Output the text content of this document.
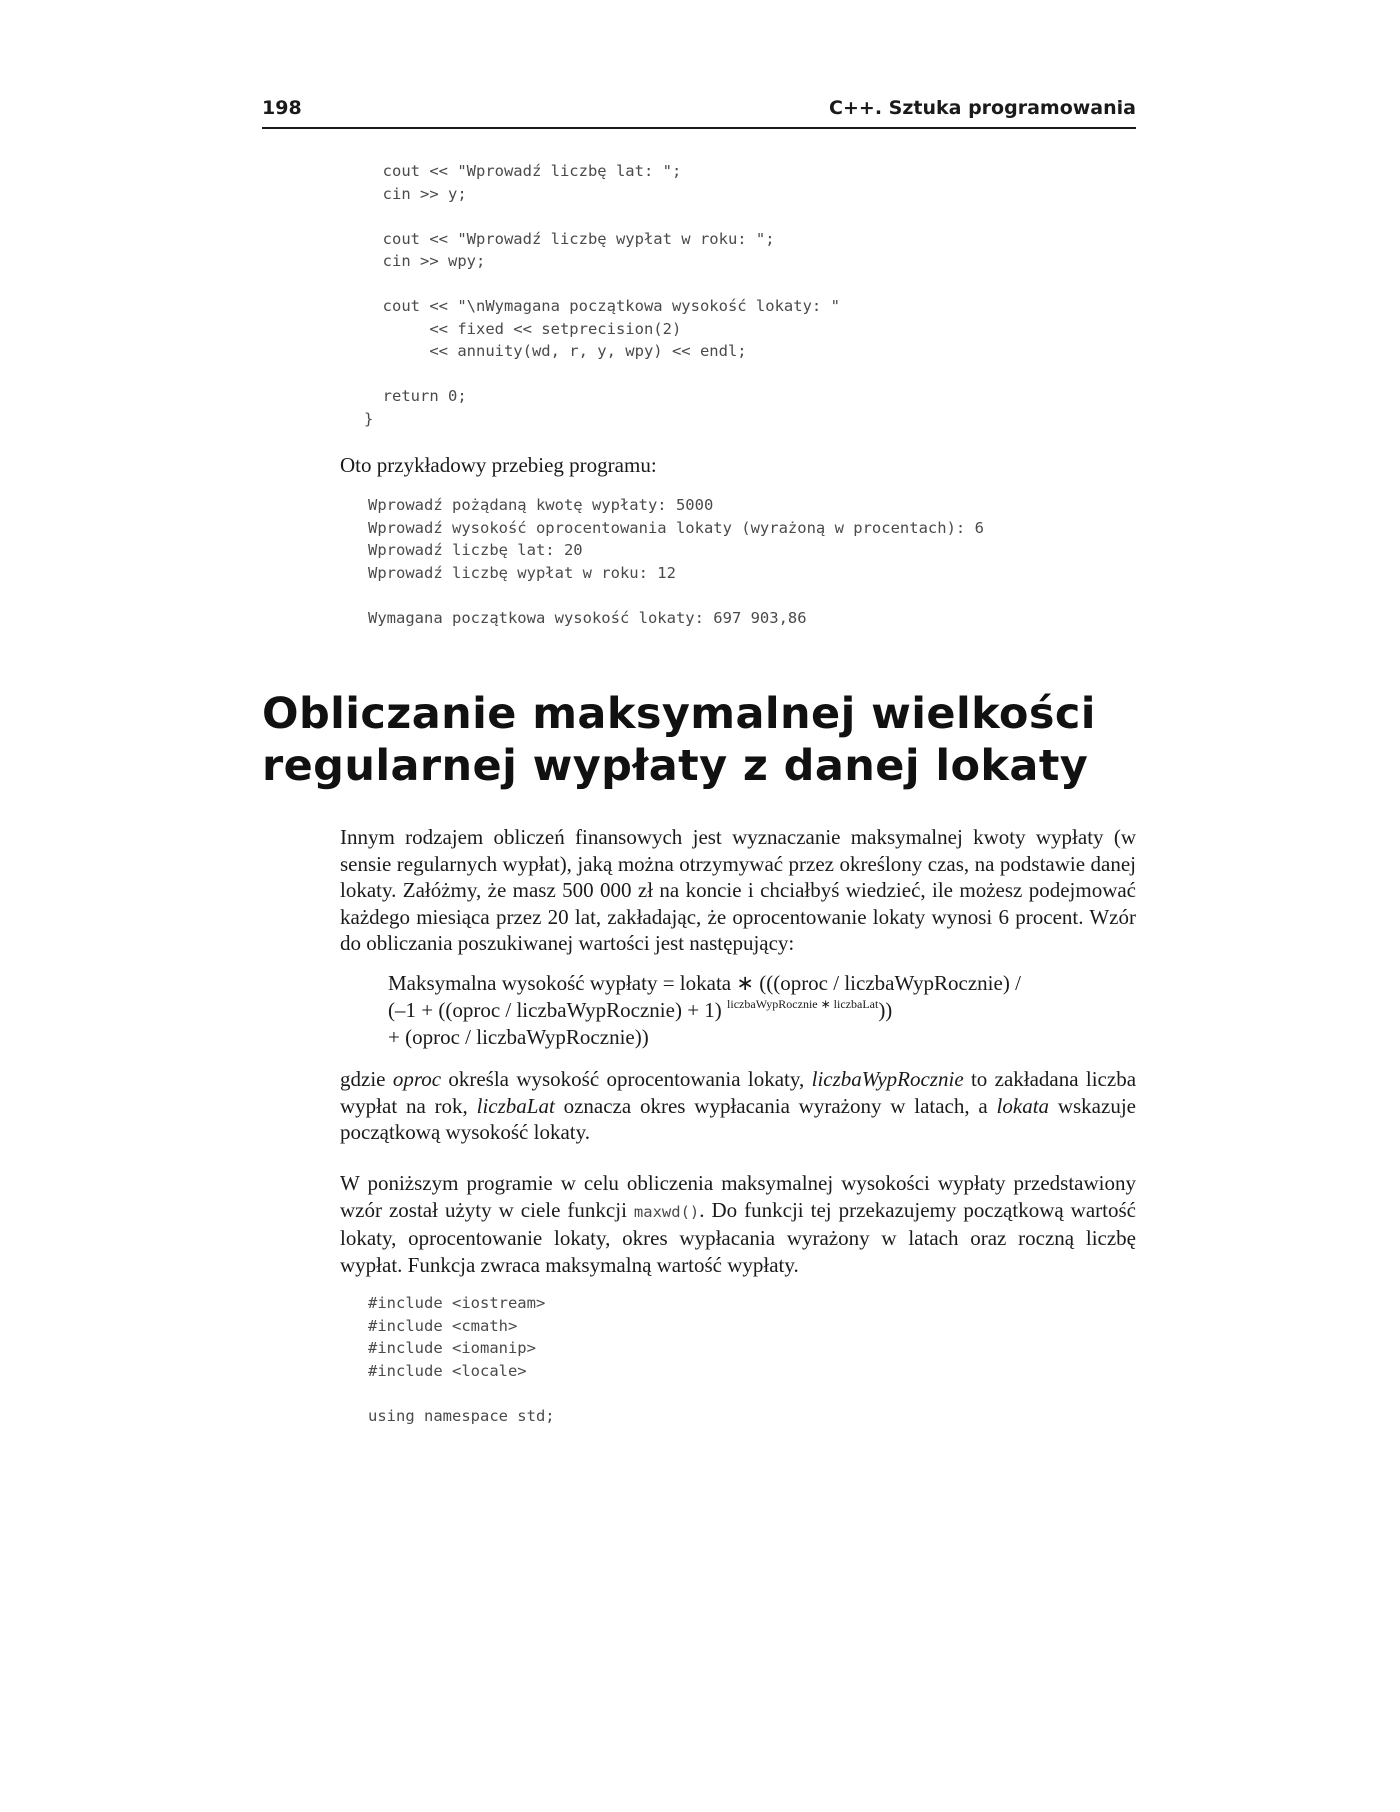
198	C++. Sztuka programowania
cout << "Wprowadź liczbę lat: ";
cin >> y;
cout << "Wprowadź liczbę wypłat w roku: ";
cin >> wpy;
cout << "\nWymagana początkowa wysokość lokaty: "
<< fixed << setprecision(2)
<< annuity(wd, r, y, wpy) << endl;
return 0;
}
Oto przykładowy przebieg programu:
Wprowadź pożądaną kwotę wypłaty: 5000
Wprowadź wysokość oprocentowania lokaty (wyrażoną w procentach): 6
Wprowadź liczbę lat: 20
Wprowadź liczbę wypłat w roku: 12
Wymagana początkowa wysokość lokaty: 697 903,86
Obliczanie maksymalnej wielkości
regularnej wypłaty z danej lokaty

Innym rodzajem obliczeń finansowych jest wyznaczanie maksymalnej kwoty wypłaty (w sensie regularnych wypłat), jaką można otrzymywać przez określony czas, na podstawie danej lokaty. Załóżmy, że masz 500 000 zł na koncie i chciałbyś wiedzieć, ile możesz podejmować każdego miesiąca przez 20 lat, zakładając, że oprocentowanie lokaty wynosi 6 procent. Wzór do obliczania poszukiwanej wartości jest następujący:

Maksymalna wysokość wypłaty = lokata ∗ (((oproc / liczbaWypRocznie) /
(–1 + ((oproc / liczbaWypRocznie) + 1) $^{liczbaWypRocznie ∗ liczbaLat}$))
+ (oproc / liczbaWypRocznie))

gdzie oproc określa wysokość oprocentowania lokaty, liczbaWypRocznie to zakładana liczba wypłat na rok, liczbaLat oznacza okres wypłacania wyrażony w latach, a lokata wskazuje początkową wysokość lokaty.

W poniższym programie w celu obliczenia maksymalnej wysokości wypłaty przedstawiony wzór został użyty w ciele funkcji maxwd(). Do funkcji tej przekazujemy początkową wartość lokaty, oprocentowanie lokaty, okres wypłacania wyrażony w latach oraz roczną liczbę wypłat. Funkcja zwraca maksymalną wartość wypłaty.

#include <iostream>
#include <cmath>
#include <iomanip>
#include <locale>
using namespace std;
